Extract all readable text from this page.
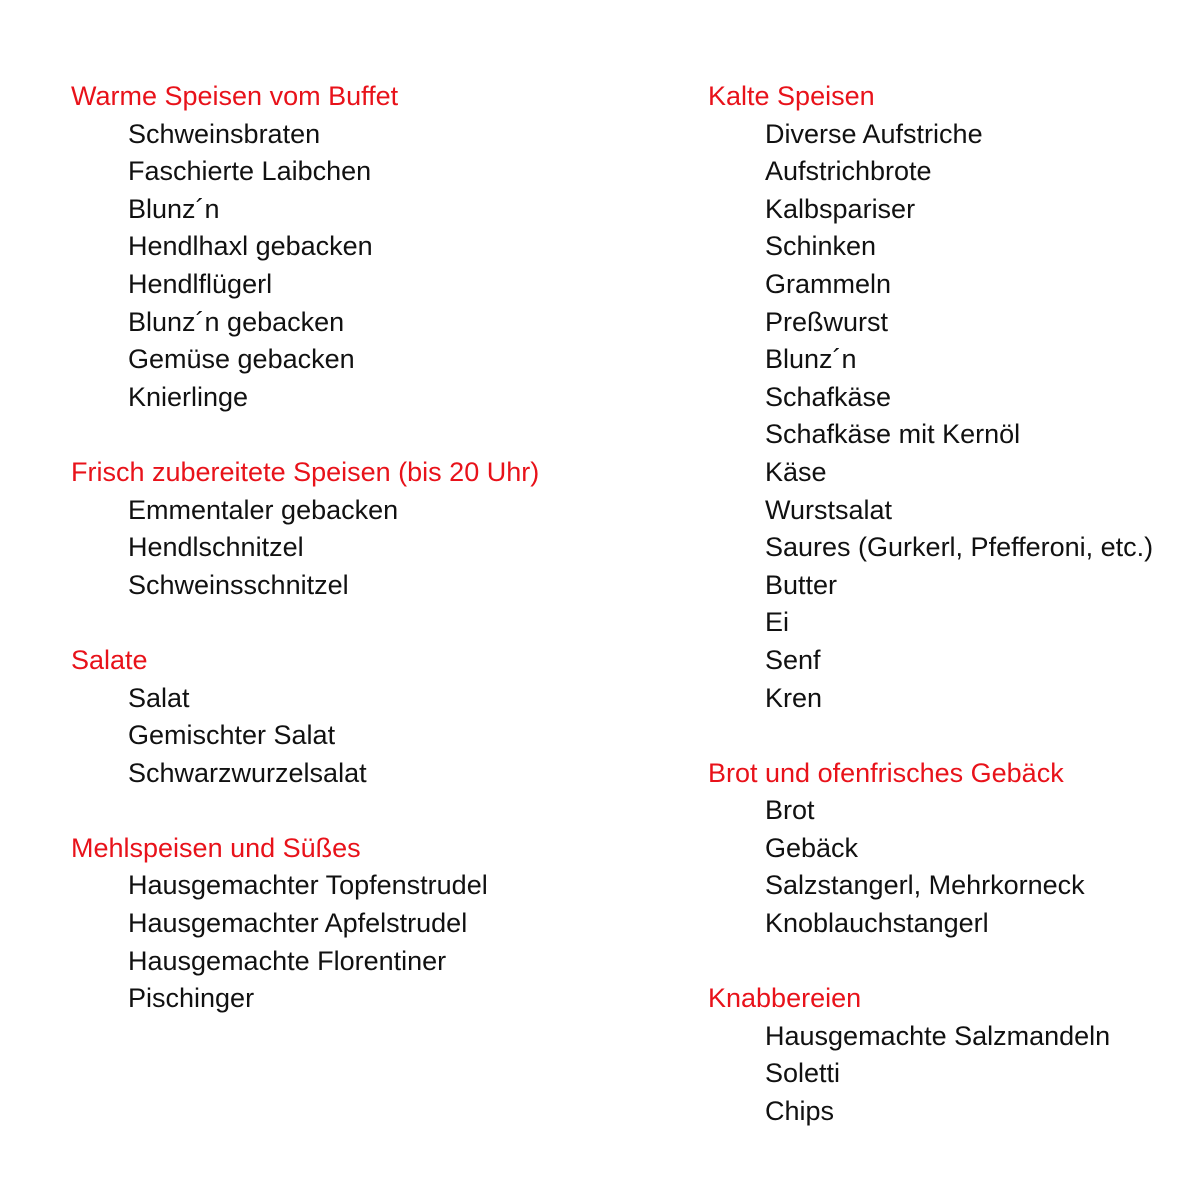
Warme Speisen vom Buffet
Schweinsbraten
Faschierte Laibchen
Blunz´n
Hendlhaxl gebacken
Hendlflügerl
Blunz´n gebacken
Gemüse gebacken
Knierlinge
Frisch zubereitete Speisen (bis 20 Uhr)
Emmentaler gebacken
Hendlschnitzel
Schweinsschnitzel
Salate
Salat
Gemischter Salat
Schwarzwurzelsalat
Mehlspeisen und Süßes
Hausgemachter Topfenstrudel
Hausgemachter Apfelstrudel
Hausgemachte Florentiner
Pischinger
Kalte Speisen
Diverse Aufstriche
Aufstrichbrote
Kalbspariser
Schinken
Grammeln
Preßwurst
Blunz´n
Schafkäse
Schafkäse mit Kernöl
Käse
Wurstsalat
Saures (Gurkerl, Pfefferoni, etc.)
Butter
Ei
Senf
Kren
Brot und ofenfrisches Gebäck
Brot
Gebäck
Salzstangerl, Mehrkorneck
Knoblauchstangerl
Knabbereien
Hausgemachte Salzmandeln
Soletti
Chips
